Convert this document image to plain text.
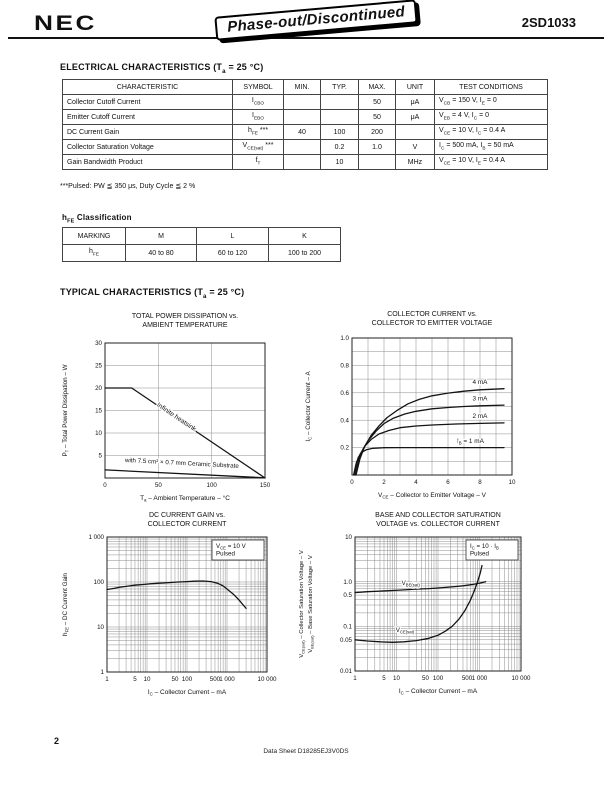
NEC	Phase-out/Discontinued	2SD1033
ELECTRICAL CHARACTERISTICS ($T_a = 25$ °C)
CHARACTERISTIC	SYMBOL	MIN.	TYP.	MAX.	UNIT	TEST CONDITIONS
Collector Cutoff Current	$I_{CBO}$			50	μA	$V_{CB} = 150$ V, $I_E = 0$
Emitter Cutoff Current	$I_{EBO}$			50	μA	$V_{EB} = 4$ V, $I_C = 0$
DC Current Gain	$h_{FE}$ ***	40	100	200		$V_{CE} = 10$ V, $I_C = 0.4$ A
Collector Saturation Voltage	$V_{CE(sat)}$ ***		0.2	1.0	V	$I_C = 500$ mA, $I_B = 50$ mA
Gain Bandwidth Product	$f_T$		10		MHz	$V_{CE} = 10$ V, $I_E = 0.4$ A
***Pulsed: PW ≦ 350 μs, Duty Cycle ≦ 2 %
$h_{FE}$ Classification
MARKING	M	L	K
$h_{FE}$	40 to 80	60 to 120	100 to 200
TYPICAL CHARACTERISTICS ($T_a = 25$ °C)
TOTAL POWER DISSIPATION vs.
AMBIENT TEMPERATURE
0	50	100	150
5
10
15
20
25
30
$T_a$ – Ambient Temperature – °C
$P_T$ – Total Power Dissipation – W	Infinite heatsink
with 7.5 cm² × 0.7 mm Ceramic Substrate
COLLECTOR CURRENT vs.
COLLECTOR TO EMITTER VOLTAGE
0	2	4	6	8	10
0.2
0.4
0.6
0.8
1.0
$V_{CE}$ – Collector to Emitter Voltage – V
$I_C$ – Collector Current – A	4 mA
3 mA
2 mA
$I_B = 1$ mA
DC CURRENT GAIN vs.
COLLECTOR CURRENT
1	5 10	50 100	500 1 000	10 000
1
10
100
1 000
$I_C$ – Collector Current – mA
$h_{FE}$ – DC Current Gain
$V_{CE} = 10$ V
Pulsed
BASE AND COLLECTOR SATURATION
VOLTAGE vs. COLLECTOR CURRENT
1	5 10	50 100	500 1 000	10 000
0.01
0.05
0.1
0.5
1.0
10
$I_C$ – Collector Current – mA
$V_{CE(sat)}$ – Collector Saturation Voltage – V
$V_{BE(sat)}$ – Base Saturation Voltage – V	$V_{BE(sat)}$
$V_{CE(sat)}$
$I_C = 10 \cdot I_B$
Pulsed
2
Data Sheet D18285EJ3V0DS
